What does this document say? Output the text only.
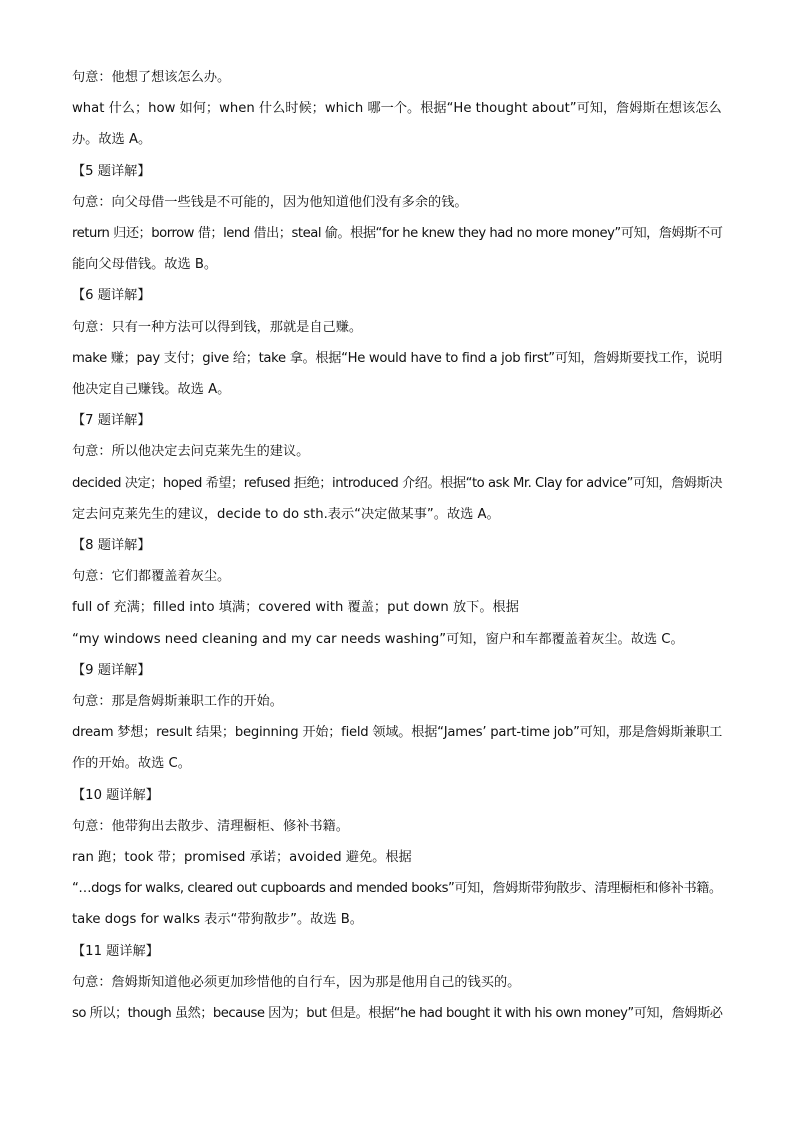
句意：他想了想该怎么办。
what 什么；how 如何；when 什么时候；which 哪一个。根据“He thought about”可知，詹姆斯在想该怎么
办。故选 A。
【5 题详解】
句意：向父母借一些钱是不可能的，因为他知道他们没有多余的钱。
return 归还；borrow 借；lend 借出；steal 偷。根据“for he knew they had no more money”可知，詹姆斯不可
能向父母借钱。故选 B。
【6 题详解】
句意：只有一种方法可以得到钱，那就是自己赚。
make 赚；pay 支付；give 给；take 拿。根据“He would have to find a job first”可知，詹姆斯要找工作，说明
他决定自己赚钱。故选 A。
【7 题详解】
句意：所以他决定去问克莱先生的建议。
decided 决定；hoped 希望；refused 拒绝；introduced 介绍。根据“to ask Mr. Clay for advice”可知，詹姆斯决
定去问克莱先生的建议，decide to do sth.表示“决定做某事”。故选 A。
【8 题详解】
句意：它们都覆盖着灰尘。
full of 充满；filled into 填满；covered with 覆盖；put down 放下。根据
“my windows need cleaning and my car needs washing”可知，窗户和车都覆盖着灰尘。故选 C。
【9 题详解】
句意：那是詹姆斯兼职工作的开始。
dream 梦想；result 结果；beginning 开始；field 领域。根据“James’ part-time job”可知，那是詹姆斯兼职工
作的开始。故选 C。
【10 题详解】
句意：他带狗出去散步、清理橱柜、修补书籍。
ran 跑；took 带；promised 承诺；avoided 避免。根据
“…dogs for walks, cleared out cupboards and mended books”可知，詹姆斯带狗散步、清理橱柜和修补书籍。
take dogs for walks 表示“带狗散步”。故选 B。
【11 题详解】
句意：詹姆斯知道他必须更加珍惜他的自行车，因为那是他用自己的钱买的。
so 所以；though 虽然；because 因为；but 但是。根据“he had bought it with his own money”可知，詹姆斯必
